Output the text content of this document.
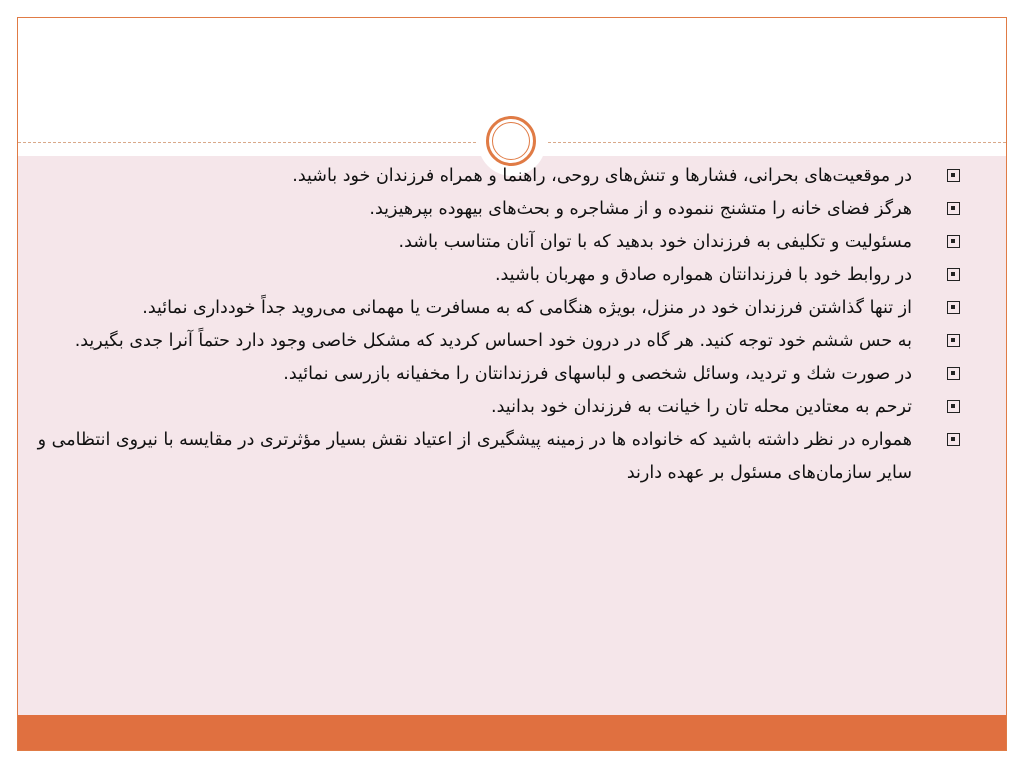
در موقعیت‌های بحرانی، فشارها و تنش‌های روحی، راهنما و همراه فرزندان خود باشید.
هرگز فضای خانه را متشنج ننموده و از مشاجره و بحث‌های بیهوده بپرهیزید.
مسئولیت و تکلیفی به فرزندان خود بدهید که با توان آنان متناسب باشد.
در روابط خود با فرزندانتان همواره صادق و مهربان باشید.
از تنها گذاشتن فرزندان خود در منزل، بویژه هنگامی که به مسافرت یا مهمانی می‌روید جداً خودداری نمائید.
به حس ششم خود توجه کنید. هر گاه در درون خود احساس کردید که مشکل خاصی وجود دارد حتماً آنرا جدی بگیرید.
در صورت شك و تردید، وسائل شخصی و لباسهای فرزندانتان را مخفیانه بازرسی نمائید.
ترحم به معتادین محله تان را خیانت به فرزندان خود بدانید.
همواره در نظر داشته باشید که خانواده ها در زمینه پیشگیری از اعتیاد نقش بسیار مؤثرتری در مقایسه با نیروی انتظامی و سایر سازمان‌های مسئول بر عهده دارند
